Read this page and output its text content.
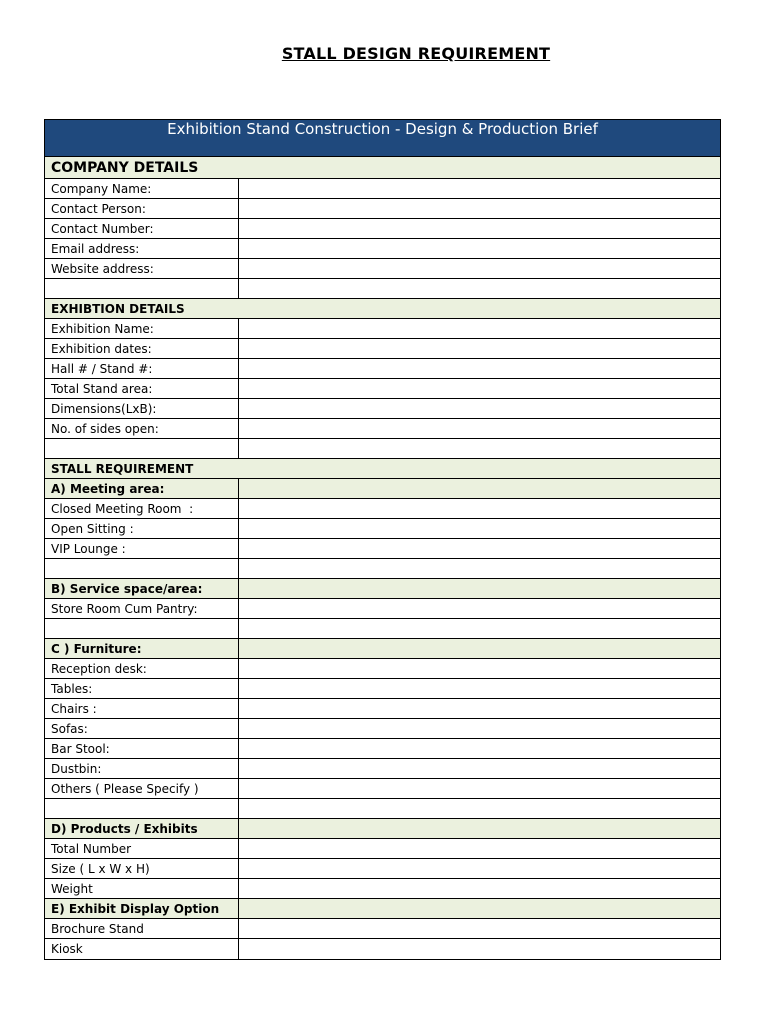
STALL DESIGN REQUIREMENT
Exhibition Stand Construction - Design & Production Brief
COMPANY DETAILS
Company Name:
Contact Person:
Contact Number:
Email address:
Website address:
EXHIBTION DETAILS
Exhibition Name:
Exhibition dates:
Hall # / Stand #:
Total Stand area:
Dimensions(LxB):
No. of sides open:
STALL REQUIREMENT
A) Meeting area:
Closed Meeting Room  :
Open Sitting :
VIP Lounge :
B) Service space/area:
Store Room Cum Pantry:
C ) Furniture:
Reception desk:
Tables:
Chairs :
Sofas:
Bar Stool:
Dustbin:
Others ( Please Specify )
D) Products / Exhibits
Total Number
Size ( L x W x H)
Weight
E) Exhibit Display Option
Brochure Stand
Kiosk
